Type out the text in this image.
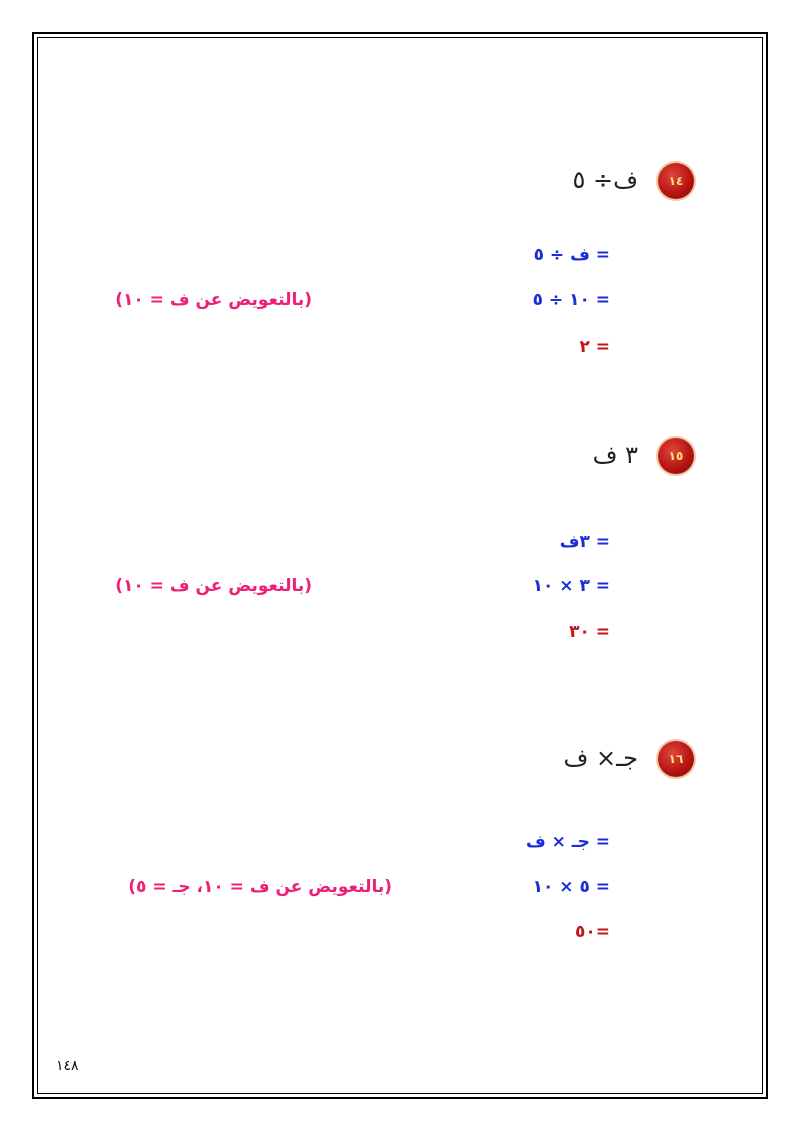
١٤
ف÷ ٥
= ف ÷ ٥
= ١٠ ÷ ٥
(بالتعويض عن ف = ١٠)
= ٢
١٥
٣ ف
= ٣ف
= ٣ × ١٠
(بالتعويض عن ف = ١٠)
= ٣٠
١٦
جـ× ف
= جـ × ف
= ٥ × ١٠
(بالتعويض عن ف = ١٠، جـ = ٥)
=٥٠
١٤٨
